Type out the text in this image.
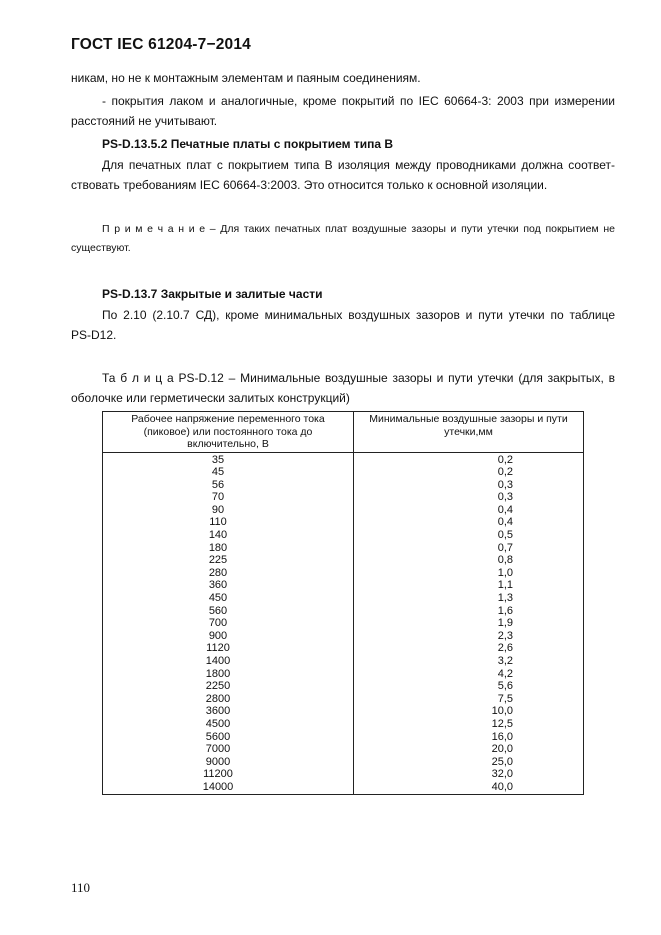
ГОСТ IEC 61204-7−2014
никам, но не к монтажным элементам и паяным соединениям.
- покрытия лаком и аналогичные, кроме покрытий по IEC 60664-3: 2003 при измерении
расстояний не учитывают.
PS-D.13.5.2 Печатные платы с покрытием типа В
Для печатных плат с покрытием типа В изоляция между проводниками должна соответ-
ствовать требованиям IEC 60664-3:2003. Это относится только к основной изоляции.
П р и м е ч а н и е – Для таких печатных плат воздушные зазоры и пути утечки под покрытием не
существуют.
PS-D.13.7 Закрытые и залитые части
По 2.10 (2.10.7 СД), кроме минимальных воздушных зазоров и пути утечки по таблице
PS-D12.
Та б л и ц а PS-D.12 – Минимальные воздушные зазоры и пути утечки (для закрытых, в
оболочке или герметически залитых конструкций)
Рабочее напряжение переменного тока (пиковое) или постоянного тока до включительно, В	Минимальные воздушные зазоры и пути утечки,мм
35	0,2
45	0,2
56	0,3
70	0,3
90	0,4
110	0,4
140	0,5
180	0,7
225	0,8
280	1,0
360	1,1
450	1,3
560	1,6
700	1,9
900	2,3
1120	2,6
1400	3,2
1800	4,2
2250	5,6
2800	7,5
3600	10,0
4500	12,5
5600	16,0
7000	20,0
9000	25,0
11200	32,0
14000	40,0
110
